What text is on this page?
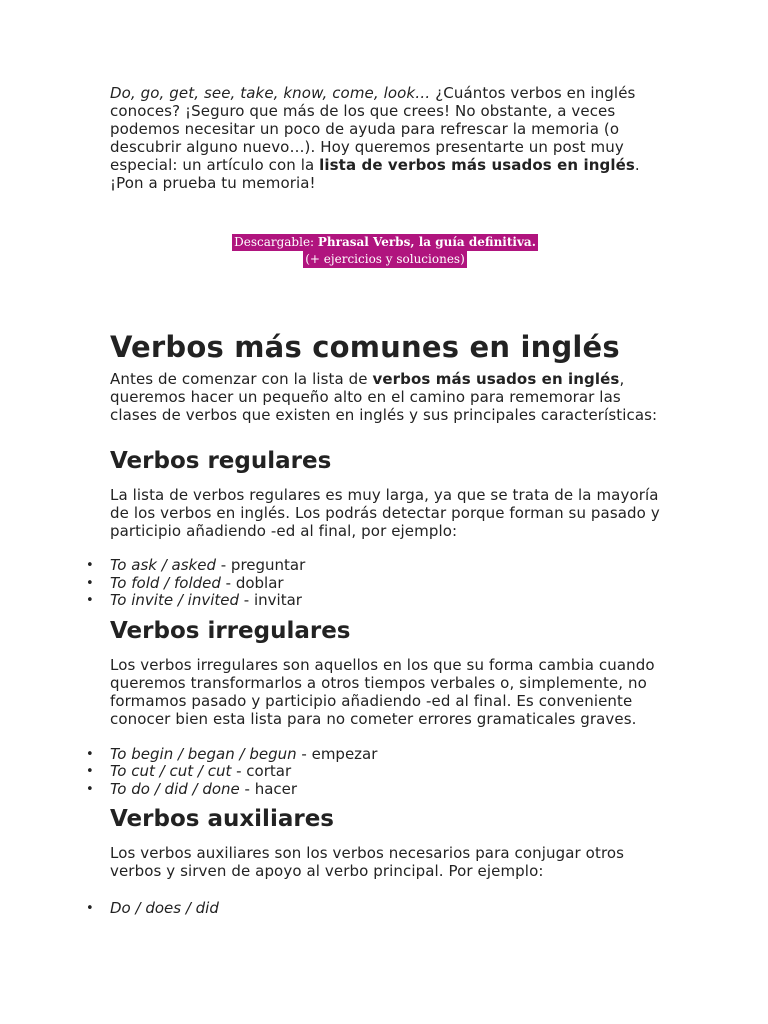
Do, go, get, see, take, know, come, look… ¿Cuántos verbos en inglés conoces? ¡Seguro que más de los que crees! No obstante, a veces podemos necesitar un poco de ayuda para refrescar la memoria (o descubrir alguno nuevo…). Hoy queremos presentarte un post muy especial: un artículo con la lista de verbos más usados en inglés. ¡Pon a prueba tu memoria!

Descargable: Phrasal Verbs, la guía definitiva.
(+ ejercicios y soluciones)
Verbos más comunes en inglés

Antes de comenzar con la lista de verbos más usados en inglés, queremos hacer un pequeño alto en el camino para rememorar las clases de verbos que existen en inglés y sus principales características:

Verbos regulares

La lista de verbos regulares es muy larga, ya que se trata de la mayoría de los verbos en inglés. Los podrás detectar porque forman su pasado y participio añadiendo -ed al final, por ejemplo:

• To ask / asked - preguntar
• To fold / folded - doblar
• To invite / invited - invitar
Verbos irregulares

Los verbos irregulares son aquellos en los que su forma cambia cuando queremos transformarlos a otros tiempos verbales o, simplemente, no formamos pasado y participio añadiendo -ed al final. Es conveniente conocer bien esta lista para no cometer errores gramaticales graves.

• To begin / began / begun - empezar
• To cut / cut / cut - cortar
• To do / did / done - hacer
Verbos auxiliares

Los verbos auxiliares son los verbos necesarios para conjugar otros verbos y sirven de apoyo al verbo principal. Por ejemplo:

• Do / does / did
